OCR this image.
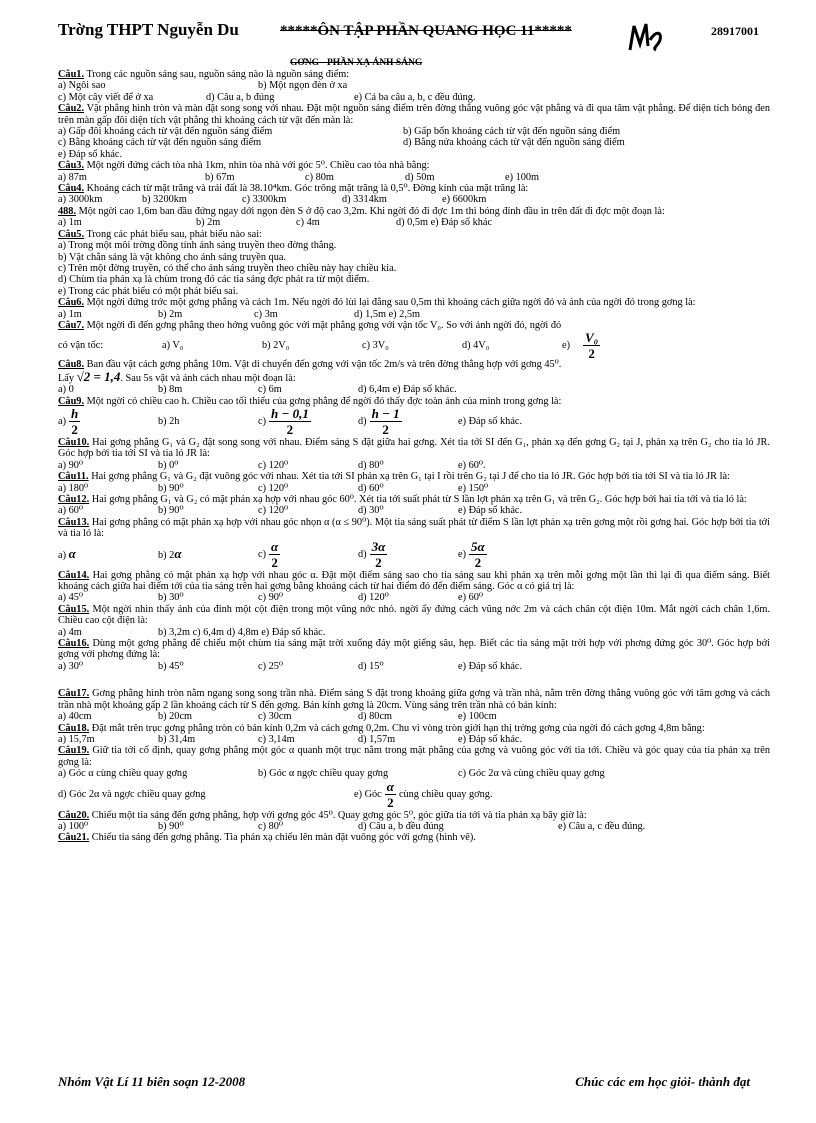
Trờng THPT Nguyễn Du	*****ÔN TẬP PHẦN QUANG HỌC 11*****	28917001
GƠNG - PHẦN XẠ ÁNH SÁNG

Câu1. Trong các nguồn sáng sau, nguồn sáng nào là nguồn sáng điểm:

a) Ngôi sao	b) Một ngọn đèn ở xa
c) Một cây viết để ở xa	d) Câu a, b đúng	e) Cả ba câu a, b, c đều đúng.

Câu2. Vật phẳng hình tròn và màn đặt song song với nhau. Đặt một nguồn sáng điểm trên đờng thẳng vuông góc vật phẳng và đi qua tâm vật phẳng. Để diện tích bóng đen trên màn gấp đôi diện tích vật phẳng thì khoảng cách từ vật đến màn là:

a) Gấp đôi khoảng cách từ vật đến nguồn sáng điểm	b) Gấp bốn khoảng cách từ vật đến nguồn sáng điểm
c) Bằng khoảng cách từ vật đến nguồn sáng điểm	d) Bằng nửa khoảng cách từ vật đến nguồn sáng điểm
e) Đáp số khác.

Câu3. Một ngời đứng cách tòa nhà 1km, nhìn tòa nhà với góc 5⁰. Chiều cao tòa nhà bằng:

a) 87m	b) 67m	c) 80m	d) 50m	e) 100m

Câu4. Khoảng cách từ mặt trăng và trái đất là 38.10⁴km. Góc trông mặt trăng là 0,5⁰. Đờng kính của mặt trăng là:

a) 3000km	b) 3200km	c) 3300km	d) 3314km	e) 6600km

488. Một ngời cao 1,6m ban đầu đứng ngay dới ngọn đèn S ở độ cao 3,2m. Khi ngời đó đi đợc 1m thì bóng đỉnh đầu in trên đất đi đợc một đoạn là:

a) 1m	b) 2m	c) 4m	d) 0,5m e) Đáp số khác

Câu5. Trong các phát biểu sau, phát biểu nào sai:

a) Trong một môi trờng đồng tính ánh sáng truyền theo đờng thẳng.

b) Vật chắn sáng là vật không cho ánh sáng truyền qua.

c) Trên một đờng truyền, có thể cho ánh sáng truyền theo chiều này hay chiều kia.

d) Chùm tia phản xạ là chùm trong đó các tia sáng đợc phát ra từ một điểm.

e) Trong các phát biểu có một phát biểu sai.

Câu6. Một ngời đứng trớc một gơng phẳng và cách 1m. Nếu ngời đó lùi lại đằng sau 0,5m thì khoảng cách giữa ngời đó và ảnh của ngời đó trong gơng là:

a) 1m	b) 2m	c) 3m	d) 1,5m e) 2,5m

Câu7. Một ngời đi đến gơng phẳng theo hớng vuông góc với mặt phẳng gơng với vận tốc V₀. So với ảnh ngời đó, ngời đó

có vận tốc:	a) V₀	b) 2V₀	c) 3V₀	d) 4V₀	e)	$\frac{\text{V₀}}{2}$

Câu8. Ban đầu vật cách gơng phẳng 10m. Vật di chuyển đến gơng với vận tốc 2m/s và trên đờng thẳng hợp với gơng 45⁰.

Lấy √2 = 1,4. Sau 5s vật và ảnh cách nhau một đoạn là:

a) 0	b) 8m	c) 6m	d) 6,4m e) Đáp số khác.

Câu9. Một ngời có chiều cao h. Chiều cao tối thiểu của gơng phẳng để ngời đó thấy đợc toàn ảnh của mình trong gơng là:

$a) \frac{h}{2}$	b) 2h	$c) \frac{h - 0,1}{2}$	$d) \frac{h - 1}{2}$	e) Đáp số khác.

Câu10. Hai gơng phẳng G₁ và G₂ đặt song song với nhau. Điểm sáng S đặt giữa hai gơng. Xét tia tới SI đến G₁, phản xạ đến gơng G₂ tại J, phản xạ trên G₂ cho tia ló JR. Góc hợp bởi tia tới SI và tia ló JR là:

a) 90⁰	b) 0⁰	c) 120⁰	d) 80⁰	e) 60⁰.

Câu11. Hai gơng phẳng G₁ và G₂ đặt vuông góc với nhau. Xét tia tới SI phản xạ trên G₁ tại I rồi trên G₂ tại J để cho tia ló JR. Góc hợp bởi tia tới SI và tia ló JR là:

a) 180⁰	b) 90⁰	c) 120⁰	d) 60⁰	e) 150⁰

Câu12. Hai gơng phẳng G₁ và G₂ có mặt phản xạ hợp với nhau góc 60⁰. Xét tia tới suất phát từ S lần lợt phản xạ trên G₁ và trên G₂. Góc hợp bởi hai tia tới và tia ló là:

a) 60⁰	b) 90⁰	c) 120⁰	d) 30⁰	e) Đáp số khác.

Câu13. Hai gơng phẳng có mặt phản xạ hợp với nhau góc nhọn α (α ≤ 90⁰). Một tia sáng suất phát từ điểm S lần lợt phản xạ trên gơng một rồi gơng hai. Góc hợp bởi tia tới và tia ló là:

a) α	b) 2α	$c) \frac{\alpha}{2}$	$d) \frac{3\alpha}{2}$	$e) \frac{5\alpha}{2}$

Câu14. Hai gơng phẳng có mặt phản xạ hợp với nhau góc α. Đặt một điểm sáng sao cho tia sáng sau khi phản xạ trên mỗi gơng một lần thì lại đi qua điểm sáng. Biết khoảng cách giữa hai điểm tới của tia sáng trên hai gơng bằng khoảng cách từ hai điểm đó đến điểm sáng. Góc α có giá trị là:

a) 45⁰	b) 30⁰	c) 90⁰	d) 120⁰	e) 60⁰

Câu15. Một ngời nhìn thấy ảnh của đỉnh một cột điện trong một vũng nớc nhỏ. ngời ấy đứng cách vũng nớc 2m và cách chân cột điện 10m. Mắt ngời cách chân 1,6m. Chiều cao cột điện là:

a) 4m	b) 3,2m c) 6,4m d) 4,8m e) Đáp số khác.

Câu16. Dùng một gơng phẳng để chiếu một chùm tia sáng mặt trời xuống đáy một giếng sâu, hẹp. Biết các tia sáng mặt trời hợp với phơng đứng góc 30⁰. Góc hợp bởi gơng với phơng đứng là:

a) 30⁰	b) 45⁰	c) 25⁰	d) 15⁰	e) Đáp số khác.

Câu17. Gơng phẳng hình tròn nằm ngang song song trần nhà. Điểm sáng S đặt trong khoảng giữa gơng và trần nhà, nằm trên đờng thẳng vuông góc với tâm gơng và cách trần nhà một khoảng gấp 2 lần khoảng cách từ S đến gơng. Bán kính gơng là 20cm. Vùng sáng trên trần nhà có bán kính:

a) 40cm	b) 20cm	c) 30cm	d) 80cm	e) 100cm

Câu18. Đặt mắt trên trục gơng phẳng tròn có bán kính 0,2m và cách gơng 0,2m. Chu vi vòng tròn giới hạn thị trờng gơng của ngời đó cách gơng 4,8m bằng:

a) 15,7m	b) 31,4m	c) 3,14m	d) 1,57m	e) Đáp số khác.

Câu19. Giữ tia tới cố định, quay gơng phẳng một góc α quanh một trục nằm trong mặt phẳng của gơng và vuông góc với tia tới. Chiều và góc quay của tia phản xạ trên gơng là:

a) Góc α cùng chiều quay gơng	b) Góc α ngợc chiều quay gơng	c) Góc 2α và cùng chiều quay gơng
d) Góc 2α và ngợc chiều quay gơng	e) Góc $\frac{\alpha}{2}$ cùng chiều quay gơng.

Câu20. Chiếu một tia sáng đến gơng phẳng, hợp với gơng góc 45⁰. Quay gơng góc 5⁰, góc giữa tia tới và tia phản xạ bây giờ là:

a) 100⁰	b) 90⁰	c) 80⁰	d) Câu a, b đều đúng	e) Câu a, c đều đúng.

Câu21. Chiếu tia sáng đến gơng phẳng. Tia phản xạ chiếu lên màn đặt vuông góc với gơng (hình vẽ).

Nhóm Vật Lí 11 biên soạn 12-2008	Chúc các em học giỏi- thành đạt
